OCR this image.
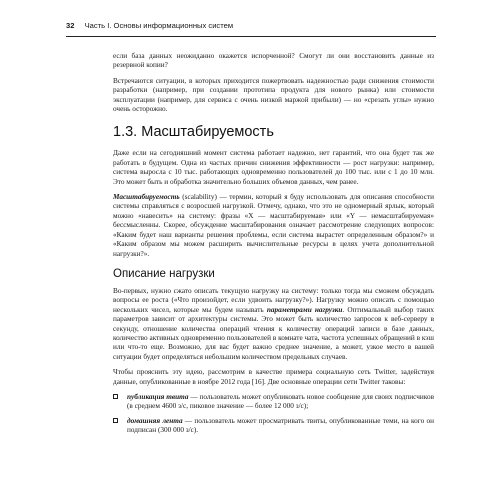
32 Часть I. Основы информационных систем

если база данных неожиданно окажется испорченной? Смогут ли они восстановить данные из резервной копии?

Встречаются ситуации, в которых приходится пожертвовать надежностью ради снижения стоимости разработки (например, при создании прототипа продукта для нового рынка) или стоимости эксплуатации (например, для сервиса с очень низкой маржой прибыли) — но «срезать углы» нужно очень осторожно.

1.3. Масштабируемость

Даже если на сегодняшний момент система работает надежно, нет гарантий, что она будет так же работать в будущем. Одна из частых причин снижения эффективности — рост нагрузки: например, система выросла с 10 тыс. работающих одновременно пользователей до 100 тыс. или с 1 до 10 млн. Это может быть и обработка значительно больших объемов данных, чем ранее.

Масштабируемость (scalability) — термин, который я буду использовать для описания способности системы справляться с возросшей нагрузкой. Отмечу, однако, что это не одномерный ярлык, который можно «навесить» на систему: фразы «X — масштабируемая» или «Y — немасштабируемая» бессмысленны. Скорее, обсуждение масштабирования означает рассмотрение следующих вопросов: «Каким будет наш варианты решения проблемы, если система вырастет определенным образом?» и «Каким образом мы можем расширить вычислительные ресурсы в целях учета дополнительной нагрузки?».

Описание нагрузки

Во-первых, нужно сжато описать текущую нагрузку на систему: только тогда мы сможем обсуждать вопросы ее роста («Что произойдет, если удвоить нагрузку?»). Нагрузку можно описать с помощью нескольких чисел, которые мы будем называть параметрами нагрузки. Оптимальный выбор таких параметров зависит от архитектуры системы. Это может быть количество запросов к веб-серверу в секунду, отношение количества операций чтения к количеству операций записи в базе данных, количество активных одновременно пользователей в комнате чата, частота успешных обращений в кэш или что-то еще. Возможно, для вас будет важно среднее значение, а может, узкое место в вашей ситуации будет определяться небольшим количеством предельных случаев.

Чтобы прояснить эту идею, рассмотрим в качестве примера социальную сеть Twitter, задействуя данные, опубликованные в ноябре 2012 года [16]. Две основные операции сети Twitter таковы:

публикация твита — пользователь может опубликовать новое сообщение для своих подписчиков (в среднем 4600 з/с, пиковое значение — более 12 000 з/с);
домашняя лента — пользователь может просматривать твиты, опубликованные теми, на кого он подписан (300 000 з/с).
